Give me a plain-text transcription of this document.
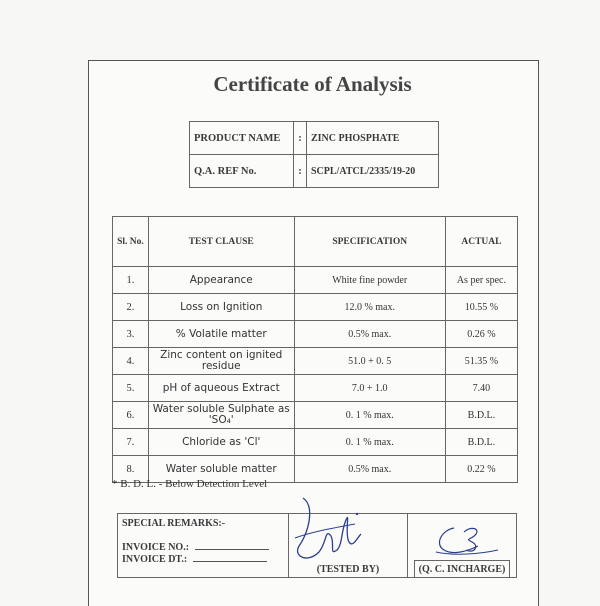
Certificate of Analysis
PRODUCT NAME	:	ZINC PHOSPHATE
Q.A. REF No.	:	SCPL/ATCL/2335/19-20
Sl. No.	TEST CLAUSE	SPECIFICATION	ACTUAL
1.	Appearance	White fine powder	As per spec.
2.	Loss on Ignition	12.0 % max.	10.55 %
3.	% Volatile matter	0.5% max.	0.26 %
4.	Zinc content on ignited residue	51.0 + 0. 5	51.35 %
5.	pH of aqueous Extract	7.0 + 1.0	7.40
6.	Water soluble Sulphate as 'SO₄'	0. 1 % max.	B.D.L.
7.	Chloride as 'Cl'	0. 1 % max.	B.D.L.
8.	Water soluble matter	0.5% max.	0.22 %
* B. D. L. - Below Detection Level
SPECIAL REMARKS:-
INVOICE NO.:
INVOICE DT.:
(TESTED BY)	(Q. C. INCHARGE)
